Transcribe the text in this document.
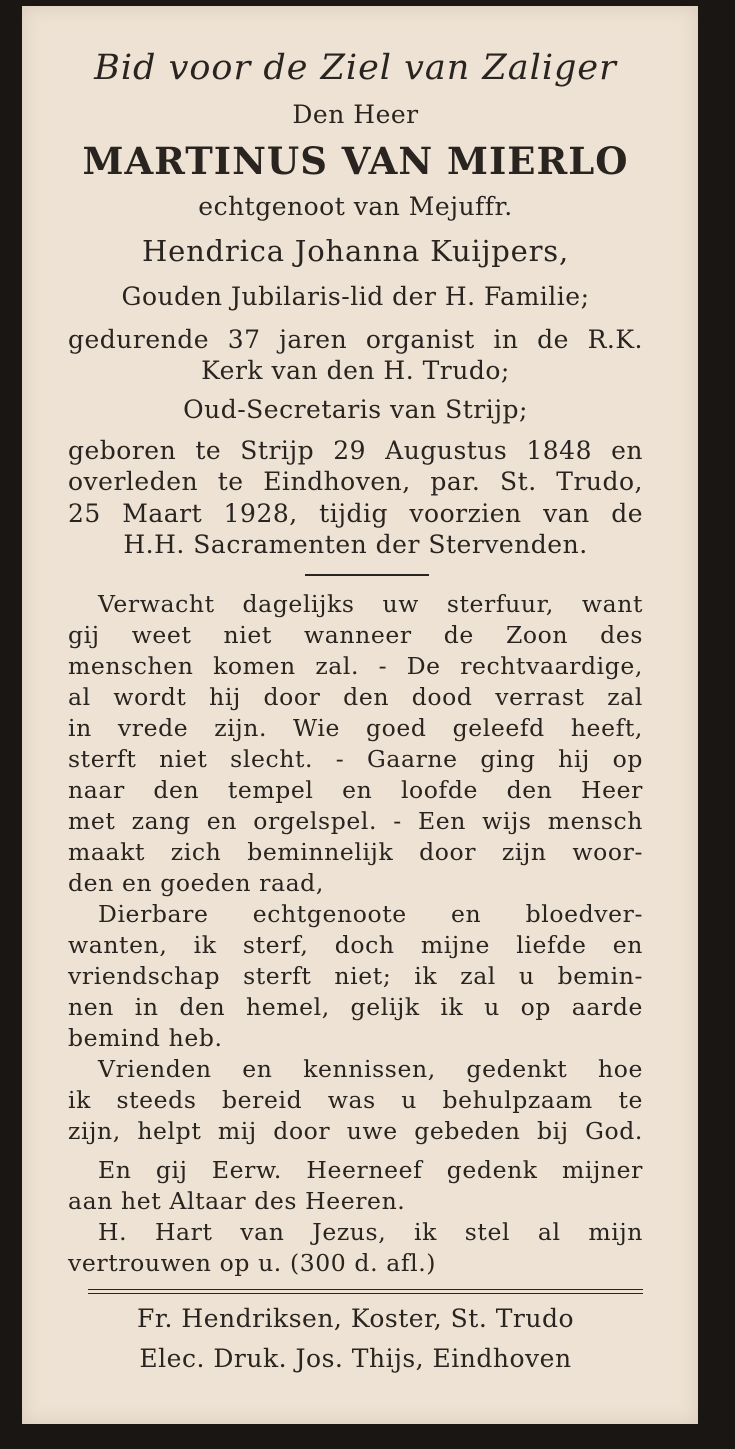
Bid voor de Ziel van Zaliger
Den Heer
MARTINUS VAN MIERLO
echtgenoot van Mejuffr.
Hendrica Johanna Kuijpers,
Gouden Jubilaris-lid der H. Familie;
gedurende 37 jaren organist in de R.K.
Kerk van den H. Trudo;
Oud-Secretaris van Strijp;
geboren te Strijp 29 Augustus 1848 en
overleden te Eindhoven, par. St. Trudo,
25 Maart 1928, tijdig voorzien van de
H.H. Sacramenten der Stervenden.
Verwacht dagelijks uw sterfuur, want
gij weet niet wanneer de Zoon des
menschen komen zal. - De rechtvaardige,
al wordt hij door den dood verrast zal
in vrede zijn. Wie goed geleefd heeft,
sterft niet slecht. - Gaarne ging hij op
naar den tempel en loofde den Heer
met zang en orgelspel. - Een wijs mensch
maakt zich beminnelijk door zijn woor-
den en goeden raad,
Dierbare echtgenoote en bloedver-
wanten, ik sterf, doch mijne liefde en
vriendschap sterft niet; ik zal u bemin-
nen in den hemel, gelijk ik u op aarde
bemind heb.
Vrienden en kennissen, gedenkt hoe
ik steeds bereid was u behulpzaam te
zijn, helpt mij door uwe gebeden bij God.
En gij Eerw. Heerneef gedenk mijner
aan het Altaar des Heeren.
H. Hart van Jezus, ik stel al mijn
vertrouwen op u. (300 d. afl.)
Fr. Hendriksen, Koster, St. Trudo
Elec. Druk. Jos. Thijs, Eindhoven
